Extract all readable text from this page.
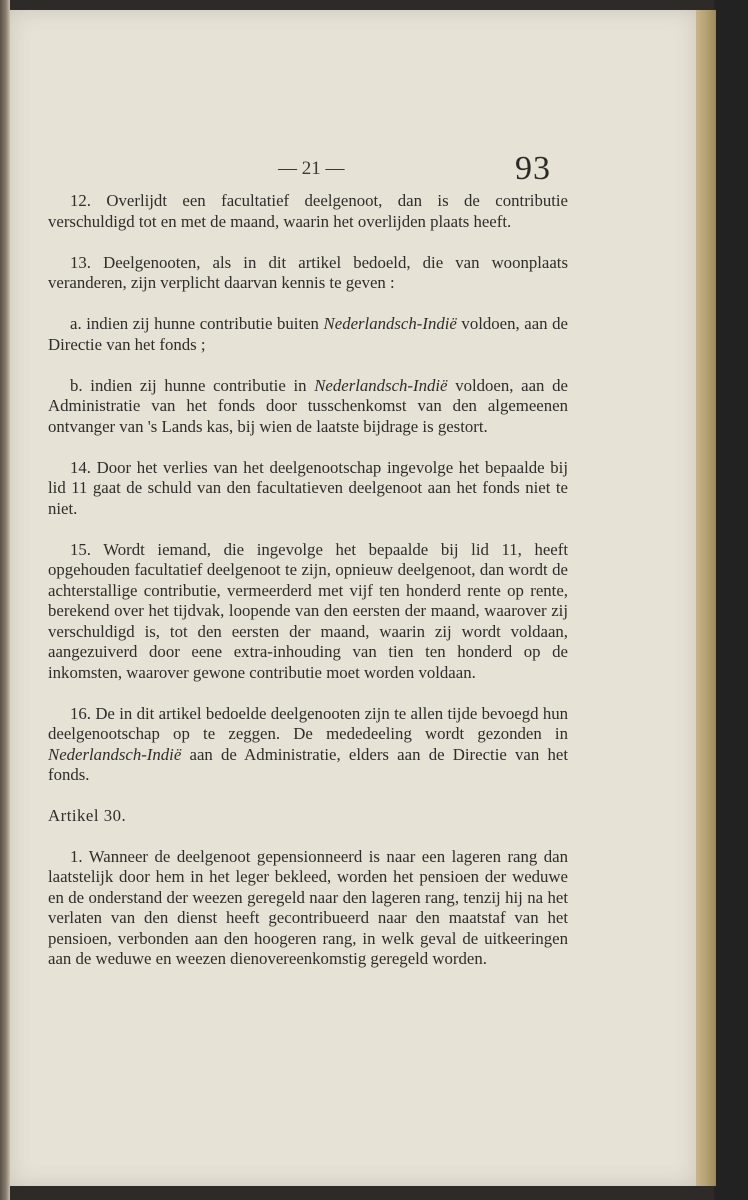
— 21 —	93

12. Overlijdt een facultatief deelgenoot, dan is de contributie verschuldigd tot en met de maand, waarin het overlijden plaats heeft.

13. Deelgenooten, als in dit artikel bedoeld, die van woonplaats veranderen, zijn verplicht daarvan kennis te geven :

a. indien zij hunne contributie buiten Nederlandsch-Indië voldoen, aan de Directie van het fonds ;

b. indien zij hunne contributie in Nederlandsch-Indië voldoen, aan de Administratie van het fonds door tusschenkomst van den algemeenen ontvanger van 's Lands kas, bij wien de laatste bijdrage is gestort.

14. Door het verlies van het deelgenootschap ingevolge het bepaalde bij lid 11 gaat de schuld van den facultatieven deelgenoot aan het fonds niet te niet.

15. Wordt iemand, die ingevolge het bepaalde bij lid 11, heeft opgehouden facultatief deelgenoot te zijn, opnieuw deelgenoot, dan wordt de achterstallige contributie, vermeerderd met vijf ten honderd rente op rente, berekend over het tijdvak, loopende van den eersten der maand, waarover zij verschuldigd is, tot den eersten der maand, waarin zij wordt voldaan, aangezuiverd door eene extra-inhouding van tien ten honderd op de inkomsten, waarover gewone contributie moet worden voldaan.

16. De in dit artikel bedoelde deelgenooten zijn te allen tijde bevoegd hun deelgenootschap op te zeggen. De mededeeling wordt gezonden in Nederlandsch-Indië aan de Administratie, elders aan de Directie van het fonds.

Artikel 30.

1. Wanneer de deelgenoot gepensionneerd is naar een lageren rang dan laatstelijk door hem in het leger bekleed, worden het pensioen der weduwe en de onderstand der weezen geregeld naar den lageren rang, tenzij hij na het verlaten van den dienst heeft gecontribueerd naar den maatstaf van het pensioen, verbonden aan den hoogeren rang, in welk geval de uitkeeringen aan de weduwe en weezen dienovereenkomstig geregeld worden.
